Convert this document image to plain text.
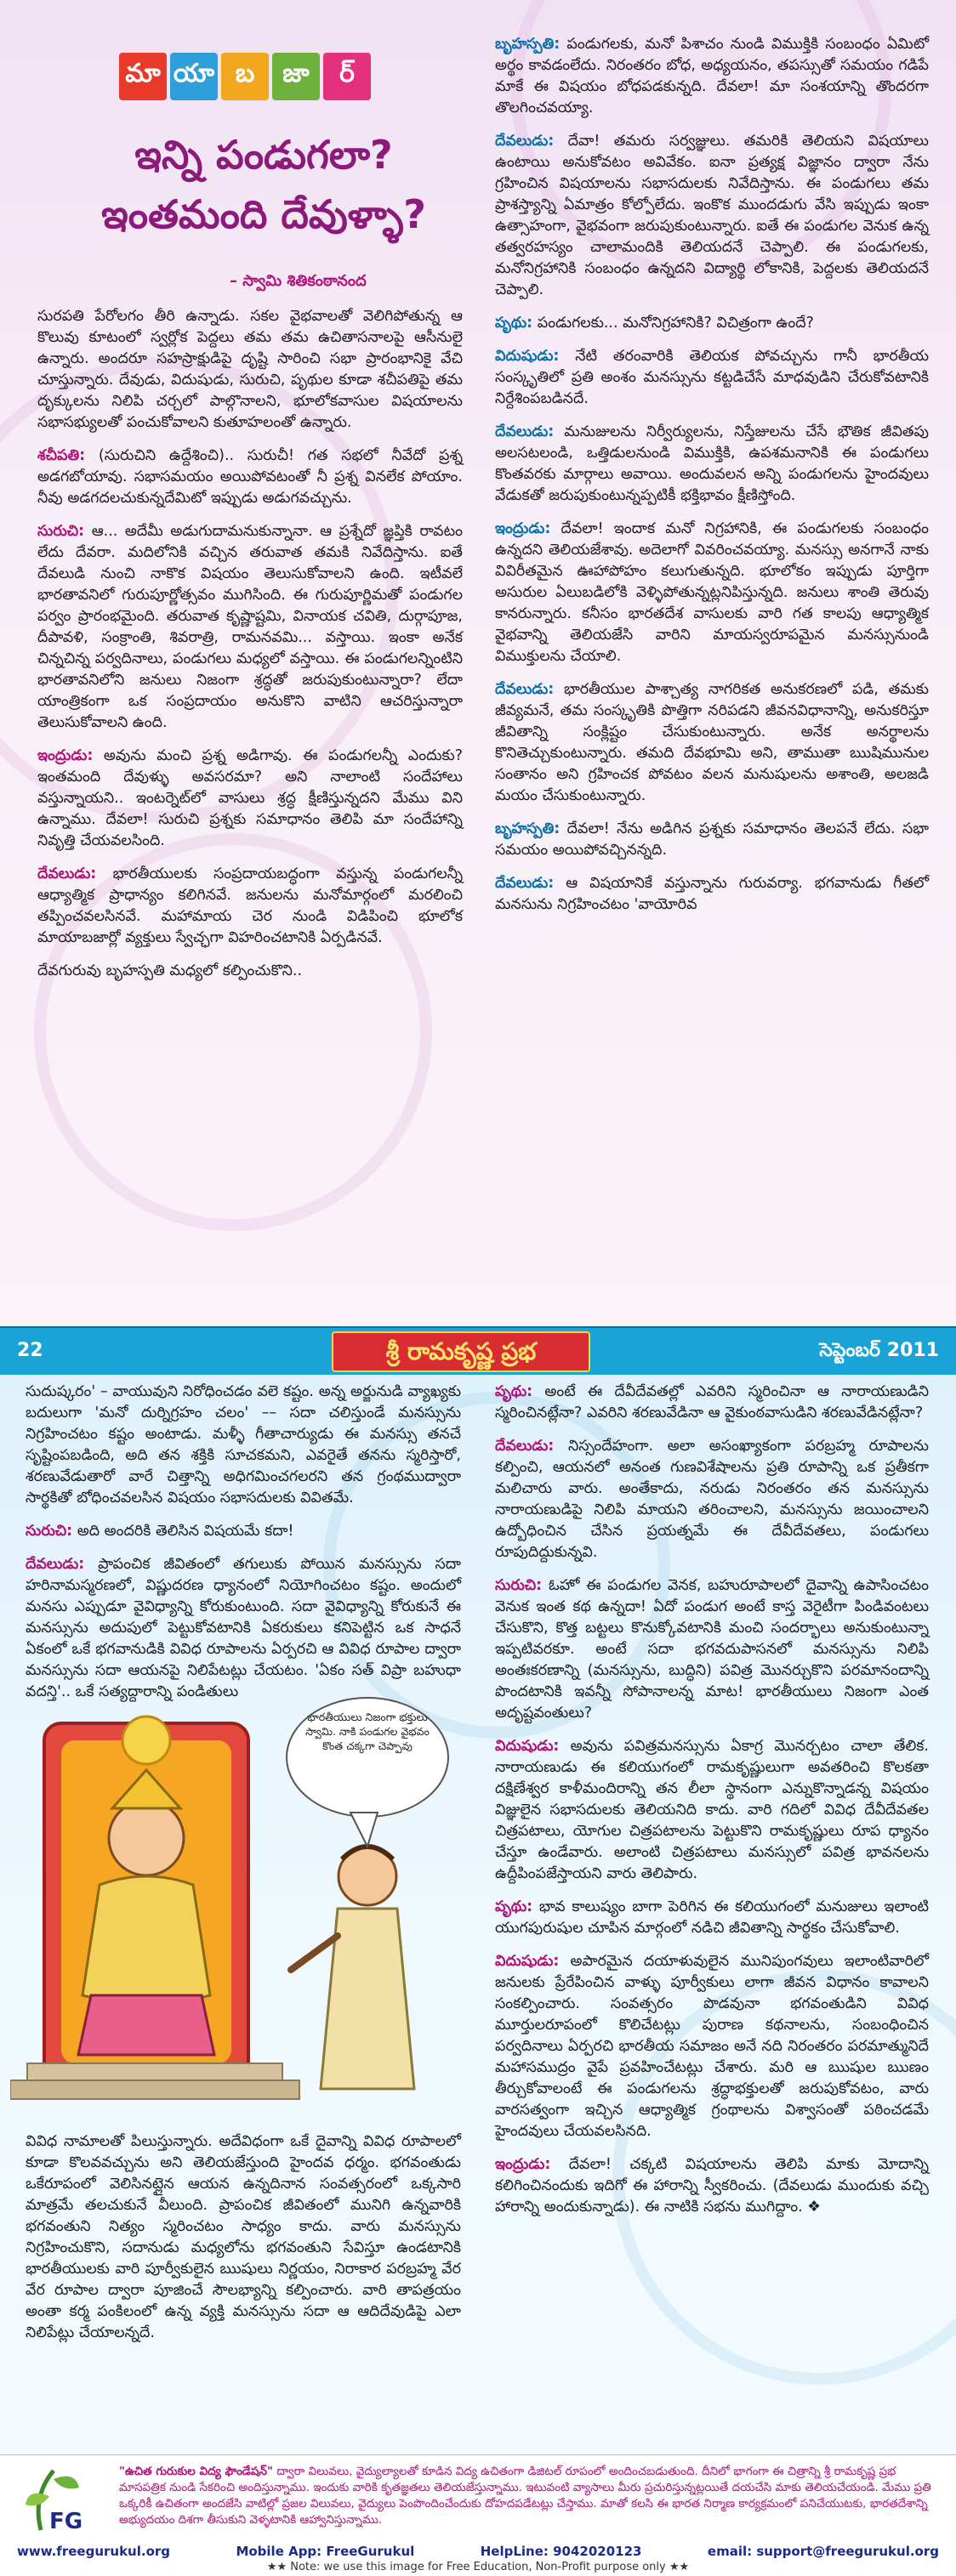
మా యా బ	జా	ర్
ఇన్ని పండుగలా?
ఇంతమంది దేవుళ్ళా?
– స్వామి శితికంఠానంద

సురపతి పేరోలగం తీరి ఉన్నాడు. సకల వైభవాలతో వెలిగిపోతున్న ఆ కొలువు కూటంలో స్వర్లోక పెద్దలు తమ తమ ఉచితాసనాలపై ఆసీనులై ఉన్నారు. అందరూ సహస్రాక్షుడిపై దృష్టి సారించి సభా ప్రారంభానికై వేచి చూస్తున్నారు. దేవుడు, విదుషుడు, సురుచి, పృథుల కూడా శచీపతిపై తమ దృక్కులను నిలిపి చర్చలో పాల్గొనాలని, భూలోకవాసుల విషయాలను సభాసభ్యులతో పంచుకోవాలని కుతూహలంతో ఉన్నారు.

శచీపతి: (సురుచిని ఉద్దేశించి).. సురుచీ! గత సభలో నీవేదో ప్రశ్న అడగబోయావు. సభాసమయం అయిపోవటంతో నీ ప్రశ్న వినలేక పోయాం. నీవు అడగదలచుకున్నదేమిటో ఇప్పుడు అడుగవచ్చును.

సురుచి: ఆ... అదేమీ అడుగుదామనుకున్నానా. ఆ ప్రశ్నేదో జ్ఞప్తికి రావటం లేదు దేవరా. మదిలోనికి వచ్చిన తరువాత తమకి నివేదిస్తాను. ఐతే దేవలుడి నుంచి నాకొక విషయం తెలుసుకోవాలని ఉంది. ఇటీవలే భారతావనిలో గురుపూర్ణోత్సవం ముగిసింది. ఈ గురుపూర్ణిమతో పండుగల పర్వం ప్రారంభమైంది. తరువాత కృష్ణాష్టమి, వినాయక చవితి, దుర్గాపూజ, దీపావళి, సంక్రాంతి, శివరాత్రి, రామనవమి... వస్తాయి. ఇంకా అనేక చిన్నచిన్న పర్వదినాలు, పండుగలు మధ్యలో వస్తాయి. ఈ పండుగలన్నింటిని భారతావనిలోని జనులు నిజంగా శ్రద్ధతో జరుపుకుంటున్నారా? లేదా యాంత్రికంగా ఒక సంప్రదాయం అనుకొని వాటిని ఆచరిస్తున్నారా తెలుసుకోవాలని ఉంది.

ఇంద్రుడు: అవును మంచి ప్రశ్న అడిగావు. ఈ పండుగలన్నీ ఎందుకు? ఇంతమంది దేవుళ్ళు అవసరమా? అని నాలాంటి సందేహాలు వస్తున్నాయని.. ఇంటర్నెట్‌లో వాసులు శ్రద్ధ క్షీణిస్తున్నదని మేము విని ఉన్నాము. దేవలా! సురుచి ప్రశ్నకు సమాధానం తెలిపి మా సందేహాన్ని నివృత్తి చేయవలసింది.

దేవలుడు: భారతీయులకు సంప్రదాయబద్ధంగా వస్తున్న పండుగలన్నీ ఆధ్యాత్మిక ప్రాధాన్యం కలిగినవే. జనులను మనోమార్గంలో మరలించి తప్పించవలసినవే. మహామాయ చెర నుండి విడిపించి భూలోక మాయాబజార్లో వ్యక్తులు స్వేచ్ఛగా విహరించటానికి ఏర్పడినవే.

దేవగురువు బృహస్పతి మధ్యలో కల్పించుకొని..

బృహస్పతి: పండుగలకు, మనో పిశాచం నుండి విముక్తికి సంబంధం ఏమిటో అర్థం కావడంలేదు. నిరంతరం బోధ, అధ్యయనం, తపస్సుతో సమయం గడిపే మాకే ఈ విషయం బోధపడకున్నది. దేవలా! మా సంశయాన్ని తొందరగా తొలగించవయ్యా.

దేవలుడు: దేవా! తమరు సర్వజ్ఞులు. తమరికి తెలియని విషయాలు ఉంటాయి అనుకోవటం అవివేకం. ఐనా ప్రత్యక్ష విజ్ఞానం ద్వారా నేను గ్రహించిన విషయాలను సభాసదులకు నివేదిస్తాను. ఈ పండుగలు తమ ప్రాశస్త్యాన్ని ఏమాత్రం కోల్పోలేదు. ఇంకొక ముందడుగు వేసి ఇప్పుడు ఇంకా ఉత్సాహంగా, వైభవంగా జరుపుకుంటున్నారు. ఐతే ఈ పండుగల వెనుక ఉన్న తత్వరహస్యం చాలామందికి తెలియదనే చెప్పాలి. ఈ పండుగలకు, మనోనిగ్రహానికి సంబంధం ఉన్నదని విద్యార్థి లోకానికి, పెద్దలకు తెలియదనే చెప్పాలి.

పృథు: పండుగలకు... మనోనిగ్రహానికి? విచిత్రంగా ఉందే?

విదుషుడు: నేటి తరంవారికి తెలియక పోవచ్చును గానీ భారతీయ సంస్కృతిలో ప్రతి అంశం మనస్సును కట్టడిచేసే మాధవుడిని చేరుకోవటానికి నిర్దేశింపబడినదే.

దేవలుడు: మనుజులను నిర్వీర్యులను, నిస్తేజులను చేసే భౌతిక జీవితపు అలసటలండి, ఒత్తిడులనుండి విముక్తికి, ఉపశమనానికి ఈ పండుగలు కొంతవరకు మార్గాలు అవాయి. అందువలన అన్ని పండుగలను హైందవులు వేడుకతో జరుపుకుంటున్నప్పటికీ భక్తిభావం క్షీణిస్తోంది.

ఇంద్రుడు: దేవలా! ఇందాక మనో నిగ్రహానికి, ఈ పండుగలకు సంబంధం ఉన్నదని తెలియజేశావు. అదెలాగో వివరించవయ్యా. మనస్సు అనగానే నాకు వివిరీతమైన ఊహాపోహం కలుగుతున్నది. భూలోకం ఇప్పుడు పూర్తిగా అసురుల ఏలుబడిలోకి వెళ్ళిపోతున్నట్లనిపిస్తున్నది. జనులు శాంతి తెరువు కానరున్నారు. కనీసం భారతదేశ వాసులకు వారి గత కాలపు ఆధ్యాత్మిక వైభవాన్ని తెలియజేసి వారిని మాయస్వరూపమైన మనస్సునుండి విముక్తులను చేయాలి.

దేవలుడు: భారతీయుల పాశ్చాత్య నాగరికత అనుకరణలో పడి, తమకు జీవ్యమనే, తమ సంస్కృతికి పొత్తిగా నరిపడని జీవనవిధానాన్ని, అనుకరిస్తూ జీవితాన్ని సంక్లిష్టం చేసుకుంటున్నారు. అనేక అనర్థాలను కొనితెచ్చుకుంటున్నారు. తమది దేవభూమి అని, తాముతా ఋషిమునుల సంతానం అని గ్రహించక పోవటం వలన మనుషులను అశాంతి, అలజడి మయం చేసుకుంటున్నారు.

బృహస్పతి: దేవలా! నేను అడిగిన ప్రశ్నకు సమాధానం తెలపనే లేదు. సభా సమయం అయిపోవచ్చినన్నది.

దేవలుడు: ఆ విషయానికే వస్తున్నాను గురువర్యా. భగవానుడు గీతలో మనసును నిగ్రహించటం 'వాయోరివ

22	శ్రీ రామకృష్ణ ప్రభ	సెప్టెంబర్ 2011

సుదుష్కరం' – వాయువుని నిరోధించడం వలె కష్టం. అన్న అర్జునుడి వ్యాఖ్యకు బదులుగా 'మనో దుర్నిగ్రహం చలం' –– సదా చలిస్తుండే మనస్సును నిగ్రహించటం కష్టం అంటాడు. మళ్ళీ గీతాచార్యుడు ఈ మనస్సు తనచే సృష్టింపబడింది, అది తన శక్తికి సూచకమని, ఎవరైతే తనను స్మరిస్తారో, శరణువేడుతారో వారే చిత్తాన్ని అధిగమించగలరని తన గ్రంథముద్వారా సార్థకితో బోధించవలసిన విషయం సభాసదులకు వివితమే.

సురుచి: అది అందరికి తెలిసిన విషయమే కదా!

దేవలుడు: ప్రాపంచిక జీవితంలో తగులుకు పోయిన మనస్సును సదా హరినామస్మరణలో, విష్ణుదరణ ధ్యానంలో నియోగించటం కష్టం. అందులో మనసు ఎప్పుడూ వైవిధ్యాన్ని కోరుకుంటుంది. సదా వైవిధ్యాన్ని కోరుకునే ఈ మనస్సును అదుపులో పెట్టుకోవటానికి ఏకరుకులు కనిపెట్టిన ఒక సాధనే ఏకంలో ఒకే భగవానుడికి వివిధ రూపాలను ఏర్పరచి ఆ వివిధ రూపాల ద్వారా మనస్సును సదా ఆయనపై నిలిపేటట్లు చేయటం. 'ఏకం సత్ విప్రా బహుధా వదన్తి'.. ఒకే సత్యద్దారాన్ని పండితులు

భారతీయులు నిజంగా భక్తులు స్వామి. నాకి పండుగల వైభవం కొంత చక్కగా చెప్పావు

వివిధ నామాలతో పిలుస్తున్నారు. అదేవిధంగా ఒకే దైవాన్ని వివిధ రూపాలలో కూడా కొలవవచ్చును అని తెలియజేస్తుంది హైందవ ధర్మం. భగవంతుడు ఒకేరూపంలో వెలిసినట్లైన ఆయన ఉన్నదినాన సంవత్సరంలో ఒక్కసారి మాత్రమే తలచుకునే వీలుంది. ప్రాపంచిక జీవితంలో మునిగి ఉన్నవారికి భగవంతుని నిత్యం స్మరించటం సాధ్యం కాదు. వారు మనస్సును నిగ్రహించుకొని, సదానుడు మధ్యలోను భగవంతుని సేవిస్తూ ఉండటానికి భారతీయులకు వారి పూర్వీకులైన ఋషులు నిర్ణయం, నిరాకార పరబ్రహ్మ వేర వేర రూపాల ద్వారా పూజించే సౌలభ్యాన్ని కల్పించారు. వారి తాపత్రయం అంతా కర్మ పంకిలంలో ఉన్న వ్యక్తి మనస్సును సదా ఆ ఆదిదేవుడిపై ఎలా నిలిపేట్లు చేయాలన్నదే.

పృథు: అంటే ఈ దేవీదేవతల్లో ఎవరిని స్మరించినా ఆ నారాయణుడిని స్మరించినట్లేనా? ఎవరిని శరణువేడినా ఆ వైకుంఠవాసుడిని శరణువేడినట్లేనా?

దేవలుడు: నిస్సందేహంగా. అలా అసంఖ్యాకంగా పరబ్రహ్మ రూపాలను కల్పించి, ఆయనలో అనంత గుణవిశేషాలను ప్రతి రూపాన్ని ఒక ప్రతీకగా మలిచారు వారు. అంతేకాదు, నరుడు నిరంతరం తన మనస్సును నారాయణుడిపై నిలిపి మాయని తరించాలని, మనస్సును జయించాలని ఉద్బోధించిన చేసిన ప్రయత్నమే ఈ దేవీదేవతలు, పండుగలు రూపుదిద్దుకున్నవి.

సురుచి: ఓహో ఈ పండుగల వెనక, బహురూపాలలో దైవాన్ని ఉపాసించటం వెనుక ఇంత కథ ఉన్నదా! ఏదో పండుగ అంటే కాస్త వెరైటీగా పిండివంటలు చేసుకొని, కొత్త బట్టలు కొనుక్కోవటానికి మంచి సందర్భాలు అనుకుంటున్నా ఇప్పటివరకూ. అంటే సదా భగవదుపాసనలో మనస్సును నిలిపి అంతఃకరణాన్ని (మనస్సును, బుద్ధిని) పవిత్ర మొనర్చుకొని పరమానందాన్ని పొందటానికి ఇవన్నీ సోపానాలన్న మాట! భారతీయులు నిజంగా ఎంత అదృష్టవంతులు?

విదుషుడు: అవును పవిత్రమనస్సును ఏకాగ్ర మొనర్చటం చాలా తేలిక. నారాయణుడు ఈ కలియుగంలో రామకృష్ణులుగా అవతరించి కొలకతా దక్షిణేశ్వర కాళీమందిరాన్ని తన లీలా స్థానంగా ఎన్నుకొన్నాడన్న విషయం విజ్ఞులైన సభాసదులకు తెలియనిది కాదు. వారి గదిలో వివిధ దేవీదేవతల చిత్రపటాలు, యోగుల చిత్రపటాలను పెట్టుకొని రామకృష్ణులు రూప ధ్యానం చేస్తూ ఉండేవారు. అలాంటి చిత్రపటాలు మనస్సులో పవిత్ర భావనలను ఉద్దీపింపజేస్తాయని వారు తెలిపారు.

పృథు: భావ కాలుష్యం బాగా పెరిగిన ఈ కలియుగంలో మనుజులు ఇలాంటి యుగపురుషుల చూపిన మార్గంలో నడిచి జీవితాన్ని సార్థకం చేసుకోవాలి.

విదుషుడు: అపారమైన దయాళువులైన మునిపుంగవులు ఇలాంటివారిలో జనులకు ప్రేరేపించిన వాళ్ళు పూర్వీకులు లాగా జీవన విధానం కావాలని సంకల్పించారు. సంవత్సరం పొడవునా భగవంతుడిని వివిధ మూర్తులరూపంలో కొలిచేటట్లు పురాణ కథనాలను, సంబంధించిన పర్వదినాలు ఏర్పరచి భారతీయ సమాజం అనే నది నిరంతరం పరమాత్మునిదే మహాసముద్రం వైపే ప్రవహించేటట్లు చేశారు. మరి ఆ ఋషుల ఋణం తీర్చుకోవాలంటే ఈ పండుగలను శ్రద్ధాభక్తులతో జరుపుకోవటం, వారు వారసత్వంగా ఇచ్చిన ఆధ్యాత్మిక గ్రంథాలను విశ్వాసంతో పఠించడమే హైందవులు చేయవలసినది.

ఇంద్రుడు: దేవలా! చక్కటి విషయాలను తెలిపి మాకు మోదాన్ని కలిగించినందుకు ఇదిగో ఈ హారాన్ని స్వీకరించు. (దేవలుడు ముందుకు వచ్చి హారాన్ని అందుకున్నాడు). ఈ నాటికి సభను ముగిద్దాం. ❖

FG
"ఉచిత గురుకుల విద్య ఫౌండేషన్" ద్వారా విలువలు, వైద్యుల్యాలతో కూడిన విద్య ఉచితంగా డిజిటల్ రూపంలో అందించబడుతుంది. దీనిలో భాగంగా ఈ చిత్రాన్ని శ్రీ రామకృష్ణ ప్రభ మాసపత్రిక నుండి సేకరించి అందిస్తున్నాము. ఇందుకు వారికి కృతజ్ఞతలు తెలియజేస్తున్నాము. ఇటువంటి వ్యాసాలు మీరు ప్రచురిస్తున్నట్లయితే దయచేసి మాకు తెలియచేయండి. మేము ప్రతి ఒక్కరికీ ఉచితంగా అందజేసి వాటిల్లో ప్రజల విలువలు, వైద్యులు పెంపొందించేందుకు దోహదపడేటట్లు చేస్తాము. మాతో కలసి ఈ భారత నిర్మాణ కార్యక్రమంలో పనిచేయుటకు, భారతదేశాన్ని అభ్యుదయం దిశగా తీసుకుని వెళ్ళటానికి ఆహ్వానిస్తున్నాము.
www.freegurukul.org	Mobile App: FreeGurukul	HelpLine: 9042020123	email: support@freegurukul.org
★★ Note: we use this image for Free Education, Non-Profit purpose only ★★
